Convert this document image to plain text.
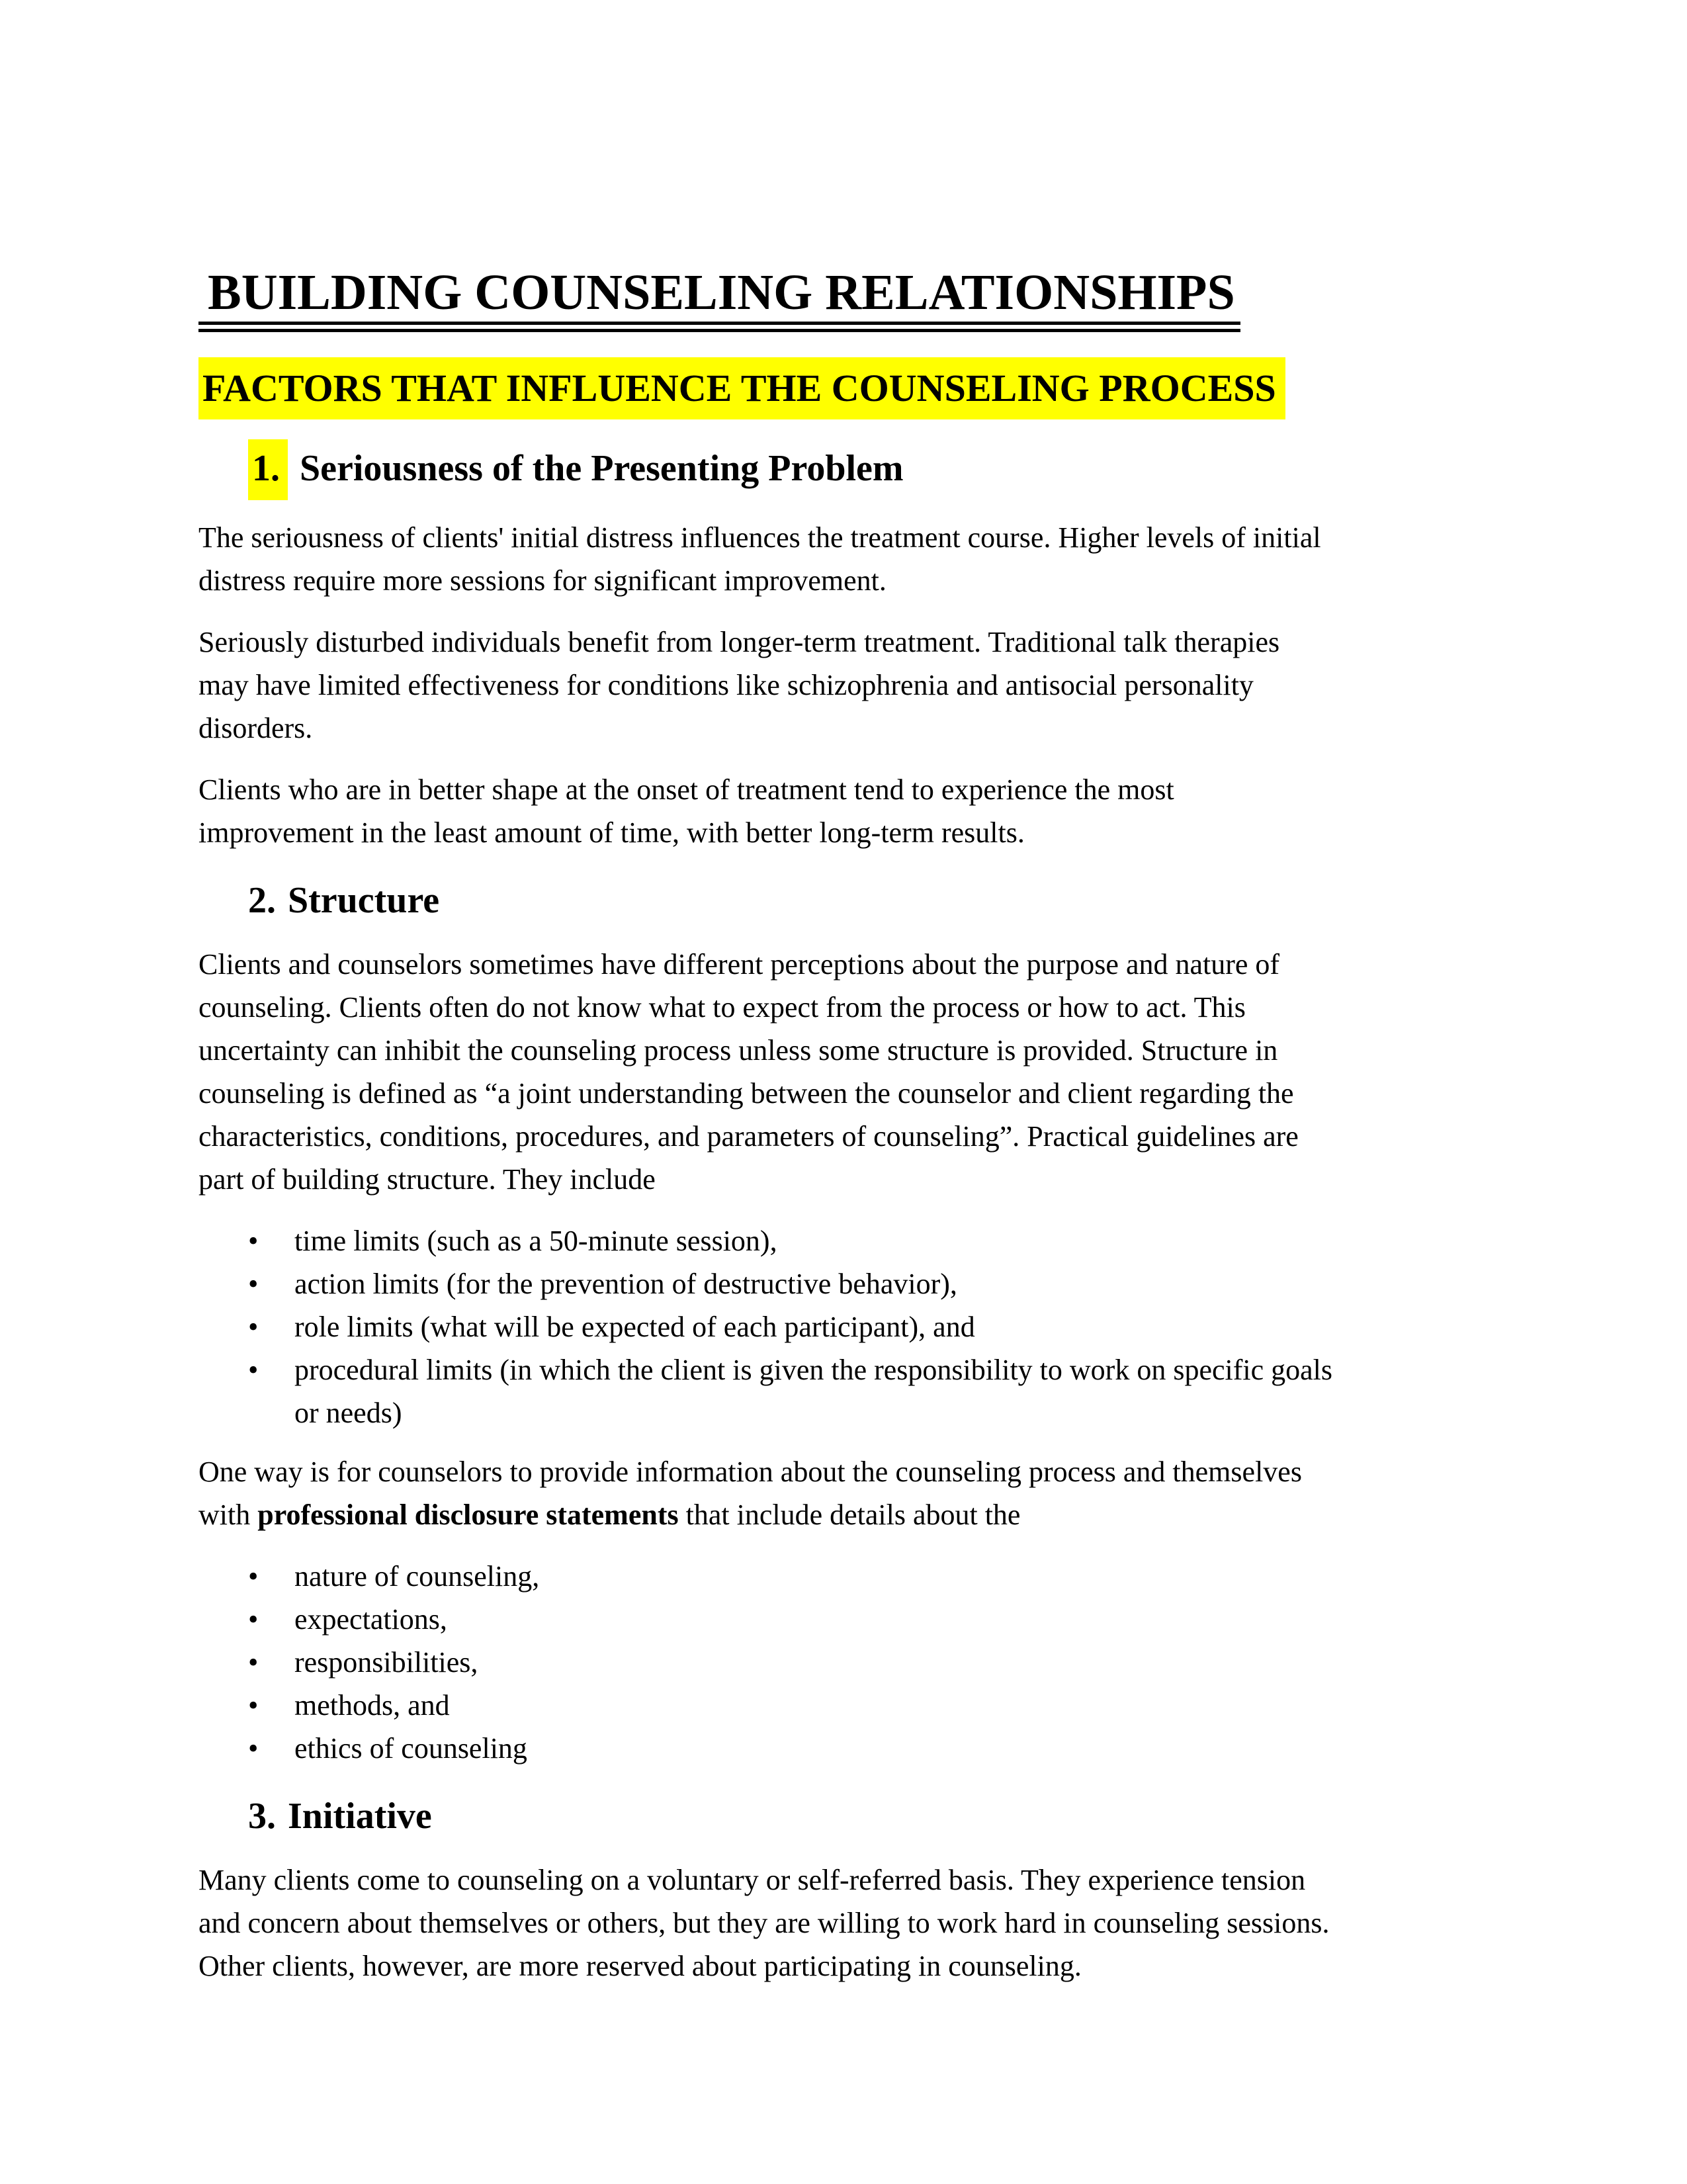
BUILDING COUNSELING RELATIONSHIPS
FACTORS THAT INFLUENCE THE COUNSELING PROCESS
1. Seriousness of the Presenting Problem

The seriousness of clients' initial distress influences the treatment course. Higher levels of initial
distress require more sessions for significant improvement.

Seriously disturbed individuals benefit from longer-term treatment. Traditional talk therapies
may have limited effectiveness for conditions like schizophrenia and antisocial personality
disorders.

Clients who are in better shape at the onset of treatment tend to experience the most
improvement in the least amount of time, with better long-term results.

2. Structure

Clients and counselors sometimes have different perceptions about the purpose and nature of
counseling. Clients often do not know what to expect from the process or how to act. This
uncertainty can inhibit the counseling process unless some structure is provided. Structure in
counseling is defined as “a joint understanding between the counselor and client regarding the
characteristics, conditions, procedures, and parameters of counseling”. Practical guidelines are
part of building structure. They include

• time limits (such as a 50-minute session),
• action limits (for the prevention of destructive behavior),
• role limits (what will be expected of each participant), and
• procedural limits (in which the client is given the responsibility to work on specific goals
or needs)

One way is for counselors to provide information about the counseling process and themselves
with professional disclosure statements that include details about the

• nature of counseling,
• expectations,
• responsibilities,
• methods, and
• ethics of counseling
3. Initiative

Many clients come to counseling on a voluntary or self-referred basis. They experience tension
and concern about themselves or others, but they are willing to work hard in counseling sessions.
Other clients, however, are more reserved about participating in counseling.
